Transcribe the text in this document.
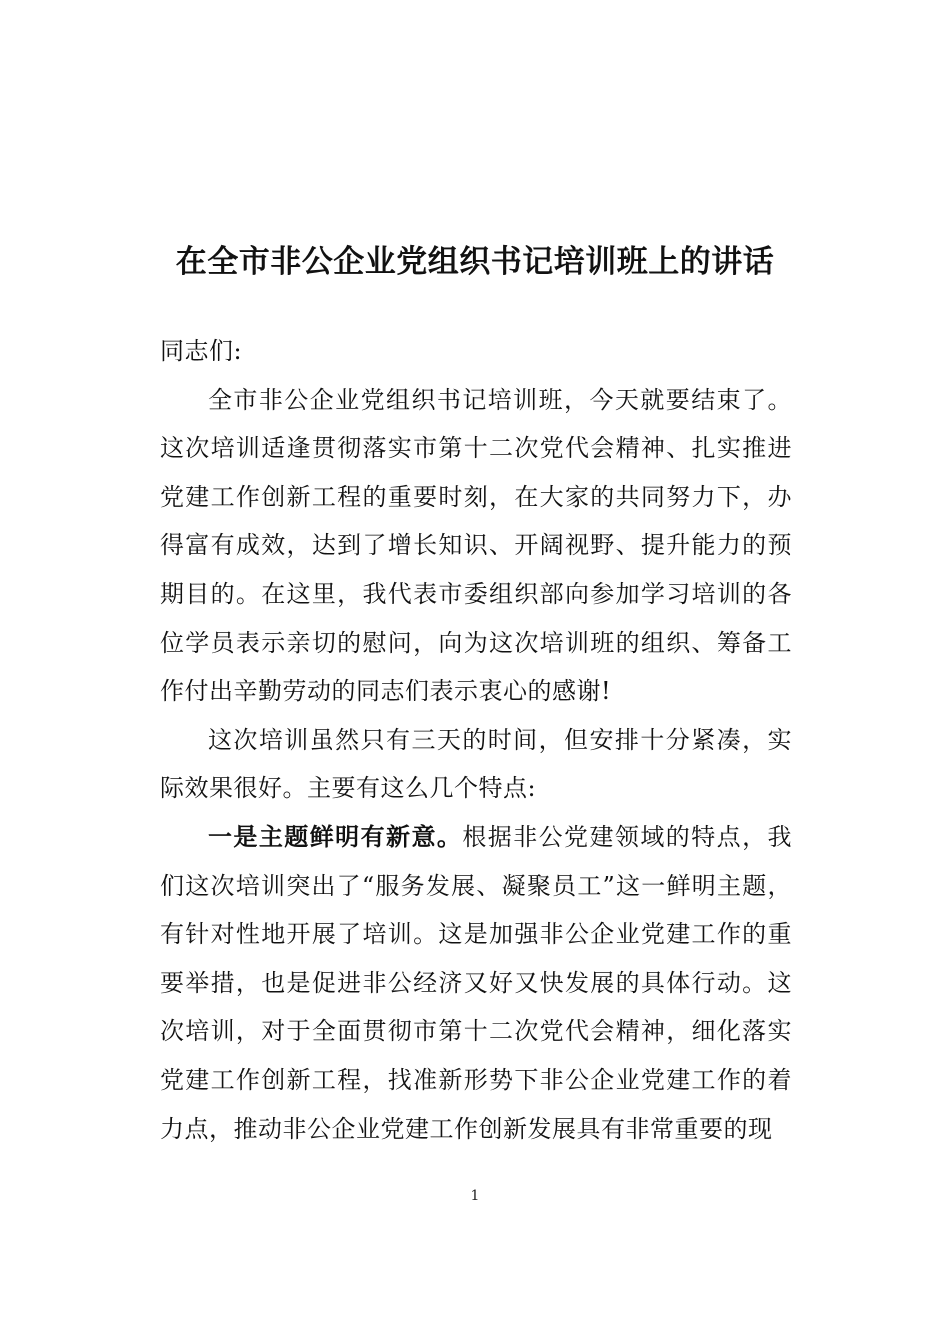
在全市非公企业党组织书记培训班上的讲话

同志们:

全市非公企业党组织书记培训班，今天就要结束了。这次培训适逢贯彻落实市第十二次党代会精神、扎实推进党建工作创新工程的重要时刻，在大家的共同努力下，办得富有成效，达到了增长知识、开阔视野、提升能力的预期目的。在这里，我代表市委组织部向参加学习培训的各位学员表示亲切的慰问，向为这次培训班的组织、筹备工作付出辛勤劳动的同志们表示衷心的感谢!

这次培训虽然只有三天的时间，但安排十分紧凑，实际效果很好。主要有这么几个特点:

一是主题鲜明有新意。根据非公党建领域的特点，我们这次培训突出了“服务发展、凝聚员工”这一鲜明主题，有针对性地开展了培训。这是加强非公企业党建工作的重要举措，也是促进非公经济又好又快发展的具体行动。这次培训，对于全面贯彻市第十二次党代会精神，细化落实党建工作创新工程，找准新形势下非公企业党建工作的着力点，推动非公企业党建工作创新发展具有非常重要的现

1
